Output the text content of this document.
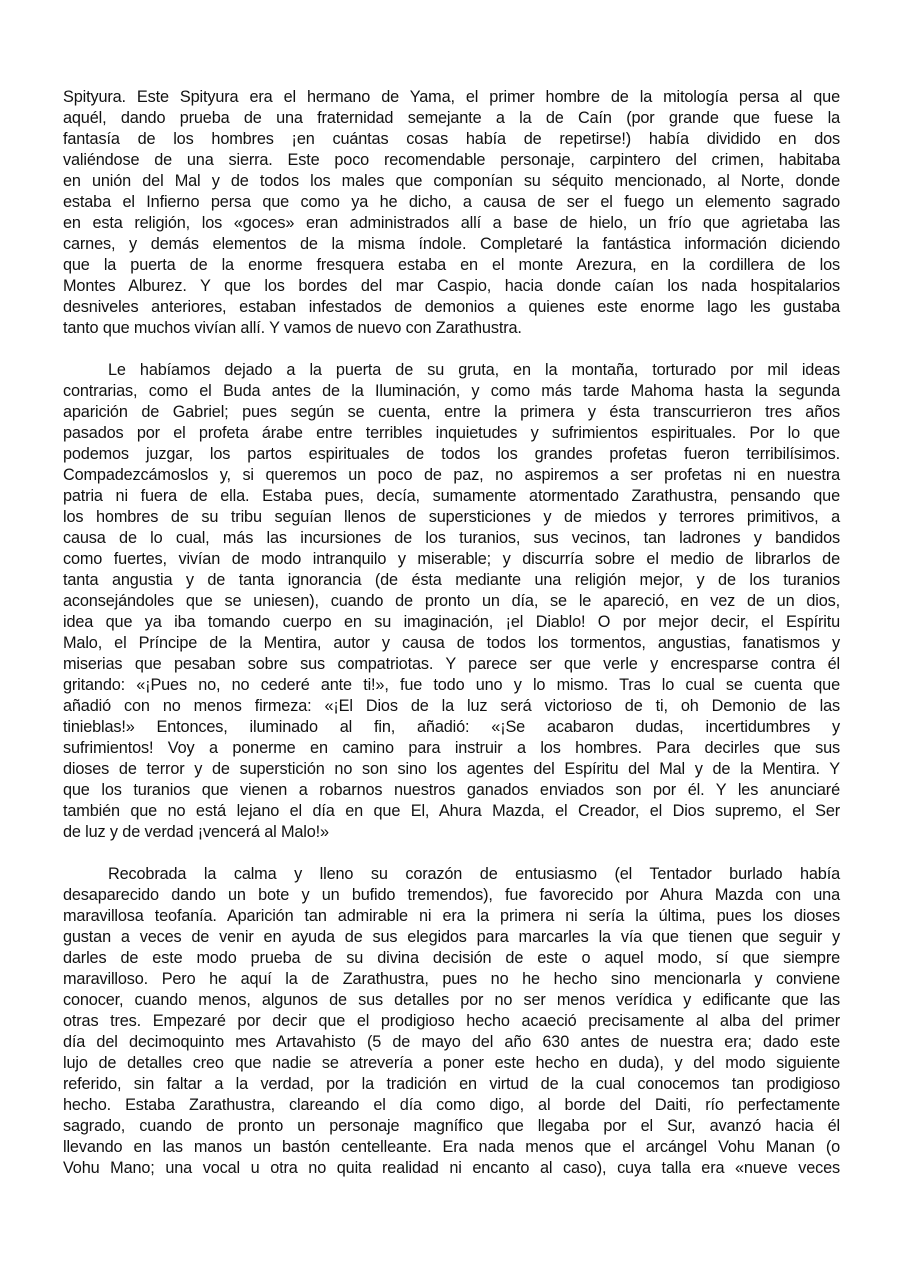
Spityura. Este Spityura era el hermano de Yama, el primer hombre de la mitología persa al que
aquél, dando prueba de una fraternidad semejante a la de Caín (por grande que fuese la
fantasía de los hombres ¡en cuántas cosas había de repetirse!) había dividido en dos
valiéndose de una sierra. Este poco recomendable personaje, carpintero del crimen, habitaba
en unión del Mal y de todos los males que componían su séquito mencionado, al Norte, donde
estaba el Infierno persa que como ya he dicho, a causa de ser el fuego un elemento sagrado
en esta religión, los «goces» eran administrados allí a base de hielo, un frío que agrietaba las
carnes, y demás elementos de la misma índole. Completaré la fantástica información diciendo
que la puerta de la enorme fresquera estaba en el monte Arezura, en la cordillera de los
Montes Alburez. Y que los bordes del mar Caspio, hacia donde caían los nada hospitalarios
desniveles anteriores, estaban infestados de demonios a quienes este enorme lago les gustaba
tanto que muchos vivían allí. Y vamos de nuevo con Zarathustra.
Le habíamos dejado a la puerta de su gruta, en la montaña, torturado por mil ideas
contrarias, como el Buda antes de la Iluminación, y como más tarde Mahoma hasta la segunda
aparición de Gabriel; pues según se cuenta, entre la primera y ésta transcurrieron tres años
pasados por el profeta árabe entre terribles inquietudes y sufrimientos espirituales. Por lo que
podemos juzgar, los partos espirituales de todos los grandes profetas fueron terribilísimos.
Compadezcámoslos y, si queremos un poco de paz, no aspiremos a ser profetas ni en nuestra
patria ni fuera de ella. Estaba pues, decía, sumamente atormentado Zarathustra, pensando que
los hombres de su tribu seguían llenos de supersticiones y de miedos y terrores primitivos, a
causa de lo cual, más las incursiones de los turanios, sus vecinos, tan ladrones y bandidos
como fuertes, vivían de modo intranquilo y miserable; y discurría sobre el medio de librarlos de
tanta angustia y de tanta ignorancia (de ésta mediante una religión mejor, y de los turanios
aconsejándoles que se uniesen), cuando de pronto un día, se le apareció, en vez de un dios,
idea que ya iba tomando cuerpo en su imaginación, ¡el Diablo! O por mejor decir, el Espíritu
Malo, el Príncipe de la Mentira, autor y causa de todos los tormentos, angustias, fanatismos y
miserias que pesaban sobre sus compatriotas. Y parece ser que verle y encresparse contra él
gritando: «¡Pues no, no cederé ante ti!», fue todo uno y lo mismo. Tras lo cual se cuenta que
añadió con no menos firmeza: «¡El Dios de la luz será victorioso de ti, oh Demonio de las
tinieblas!» Entonces, iluminado al fin, añadió: «¡Se acabaron dudas, incertidumbres y
sufrimientos! Voy a ponerme en camino para instruir a los hombres. Para decirles que sus
dioses de terror y de superstición no son sino los agentes del Espíritu del Mal y de la Mentira. Y
que los turanios que vienen a robarnos nuestros ganados enviados son por él. Y les anunciaré
también que no está lejano el día en que El, Ahura Mazda, el Creador, el Dios supremo, el Ser
de luz y de verdad ¡vencerá al Malo!»
Recobrada la calma y lleno su corazón de entusiasmo (el Tentador burlado había
desaparecido dando un bote y un bufido tremendos), fue favorecido por Ahura Mazda con una
maravillosa teofanía. Aparición tan admirable ni era la primera ni sería la última, pues los dioses
gustan a veces de venir en ayuda de sus elegidos para marcarles la vía que tienen que seguir y
darles de este modo prueba de su divina decisión de este o aquel modo, sí que siempre
maravilloso. Pero he aquí la de Zarathustra, pues no he hecho sino mencionarla y conviene
conocer, cuando menos, algunos de sus detalles por no ser menos verídica y edificante que las
otras tres. Empezaré por decir que el prodigioso hecho acaeció precisamente al alba del primer
día del decimoquinto mes Artavahisto (5 de mayo del año 630 antes de nuestra era; dado este
lujo de detalles creo que nadie se atrevería a poner este hecho en duda), y del modo siguiente
referido, sin faltar a la verdad, por la tradición en virtud de la cual conocemos tan prodigioso
hecho. Estaba Zarathustra, clareando el día como digo, al borde del Daiti, río perfectamente
sagrado, cuando de pronto un personaje magnífico que llegaba por el Sur, avanzó hacia él
llevando en las manos un bastón centelleante. Era nada menos que el arcángel Vohu Manan (o
Vohu Mano; una vocal u otra no quita realidad ni encanto al caso), cuya talla era «nueve veces
